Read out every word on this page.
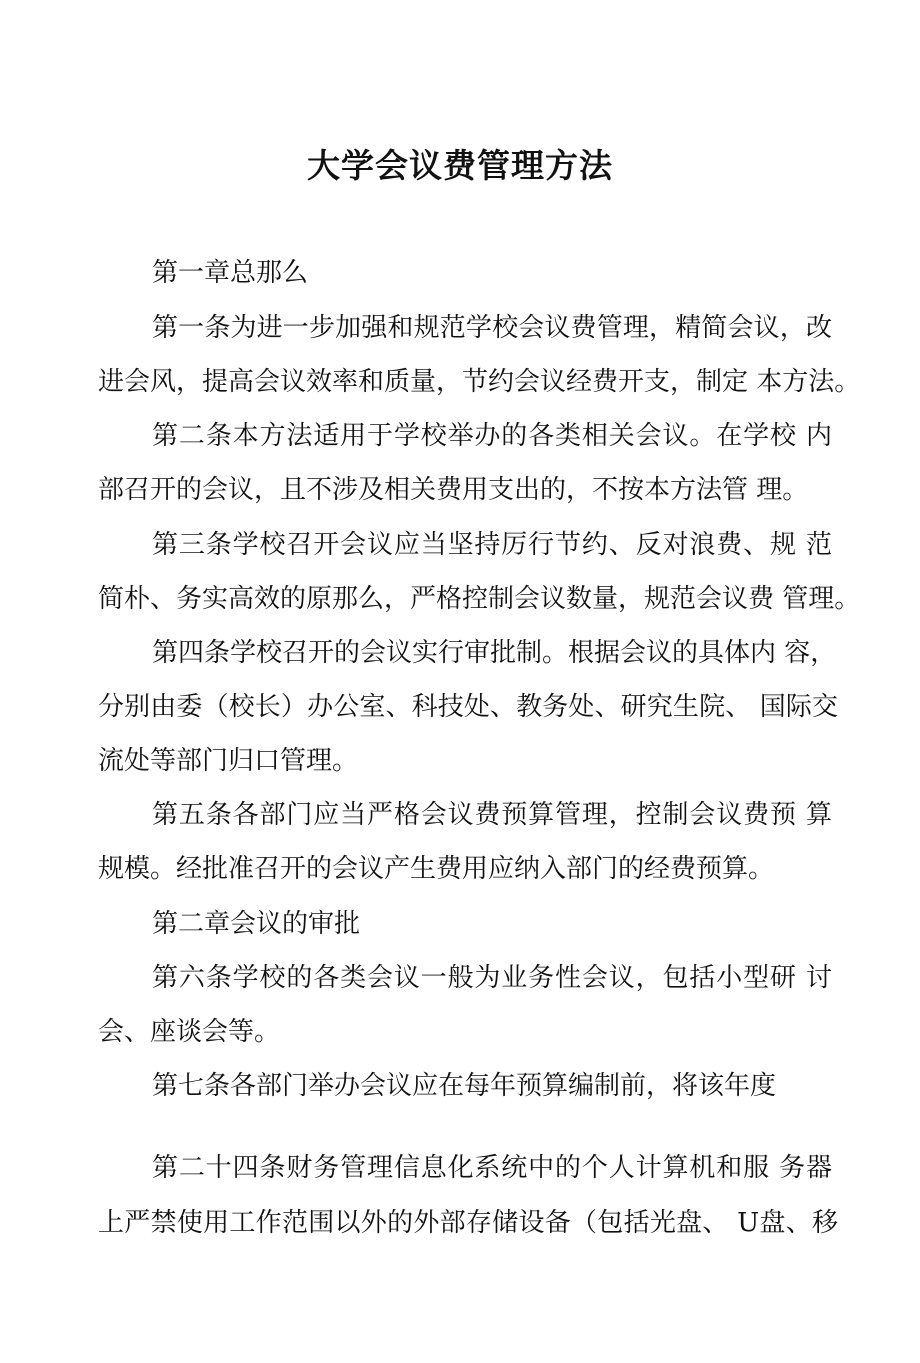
大学会议费管理方法

第一章总那么

第一条为进一步加强和规范学校会议费管理，精简会议，改

进会风，提高会议效率和质量，节约会议经费开支，制定 本方法。

第二条本方法适用于学校举办的各类相关会议。在学校 内

部召开的会议，且不涉及相关费用支出的，不按本方法管 理。

第三条学校召开会议应当坚持厉行节约、反对浪费、规 范

简朴、务实高效的原那么，严格控制会议数量，规范会议费 管理。

第四条学校召开的会议实行审批制。根据会议的具体内 容，

分别由委（校长）办公室、科技处、教务处、研究生院、 国际交

流处等部门归口管理。

第五条各部门应当严格会议费预算管理，控制会议费预 算

规模。经批准召开的会议产生费用应纳入部门的经费预算。

第二章会议的审批

第六条学校的各类会议一般为业务性会议，包括小型研 讨

会、座谈会等。

第七条各部门举办会议应在每年预算编制前，将该年度

第二十四条财务管理信息化系统中的个人计算机和服 务器

上严禁使用工作范围以外的外部存储设备（包括光盘、 U盘、移
